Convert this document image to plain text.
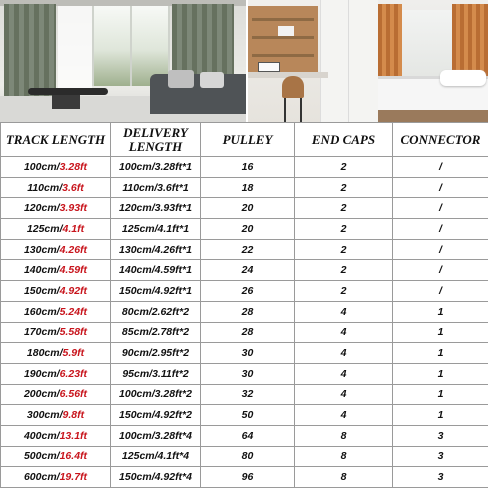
TRACK LENGTH	DELIVERY LENGTH	PULLEY	END CAPS	CONNECTOR
100cm/3.28ft	100cm/3.28ft*1	16	2	/
110cm/3.6ft	110cm/3.6ft*1	18	2	/
120cm/3.93ft	120cm/3.93ft*1	20	2	/
125cm/4.1ft	125cm/4.1ft*1	20	2	/
130cm/4.26ft	130cm/4.26ft*1	22	2	/
140cm/4.59ft	140cm/4.59ft*1	24	2	/
150cm/4.92ft	150cm/4.92ft*1	26	2	/
160cm/5.24ft	80cm/2.62ft*2	28	4	1
170cm/5.58ft	85cm/2.78ft*2	28	4	1
180cm/5.9ft	90cm/2.95ft*2	30	4	1
190cm/6.23ft	95cm/3.11ft*2	30	4	1
200cm/6.56ft	100cm/3.28ft*2	32	4	1
300cm/9.8ft	150cm/4.92ft*2	50	4	1
400cm/13.1ft	100cm/3.28ft*4	64	8	3
500cm/16.4ft	125cm/4.1ft*4	80	8	3
600cm/19.7ft	150cm/4.92ft*4	96	8	3
